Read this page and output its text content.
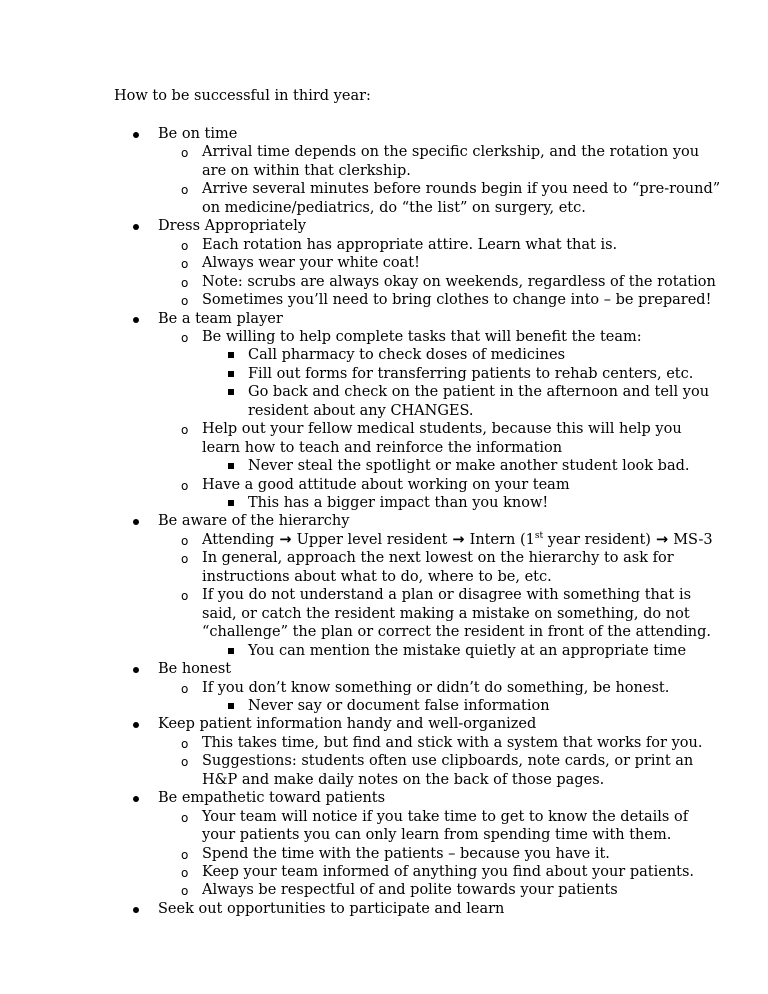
How to be successful in third year:
Be on time
o Arrival time depends on the specific clerkship, and the rotation you
are on within that clerkship.
o Arrive several minutes before rounds begin if you need to “pre-round”
on medicine/pediatrics, do “the list” on surgery, etc.
Dress Appropriately
o Each rotation has appropriate attire. Learn what that is.
o Always wear your white coat!
o Note: scrubs are always okay on weekends, regardless of the rotation
o Sometimes you’ll need to bring clothes to change into – be prepared!
Be a team player
o Be willing to help complete tasks that will benefit the team:
Call pharmacy to check doses of medicines
Fill out forms for transferring patients to rehab centers, etc.
Go back and check on the patient in the afternoon and tell you
resident about any CHANGES.
o Help out your fellow medical students, because this will help you
learn how to teach and reinforce the information
Never steal the spotlight or make another student look bad.
o Have a good attitude about working on your team
This has a bigger impact than you know!
Be aware of the hierarchy
o Attending → Upper level resident → Intern (1st year resident) → MS-3
o In general, approach the next lowest on the hierarchy to ask for
instructions about what to do, where to be, etc.
o If you do not understand a plan or disagree with something that is
said, or catch the resident making a mistake on something, do not
“challenge” the plan or correct the resident in front of the attending.
You can mention the mistake quietly at an appropriate time
Be honest
o If you don’t know something or didn’t do something, be honest.
Never say or document false information
Keep patient information handy and well-organized
o This takes time, but find and stick with a system that works for you.
o Suggestions: students often use clipboards, note cards, or print an
H&P and make daily notes on the back of those pages.
Be empathetic toward patients
o Your team will notice if you take time to get to know the details of
your patients you can only learn from spending time with them.
o Spend the time with the patients – because you have it.
o Keep your team informed of anything you find about your patients.
o Always be respectful of and polite towards your patients
Seek out opportunities to participate and learn
